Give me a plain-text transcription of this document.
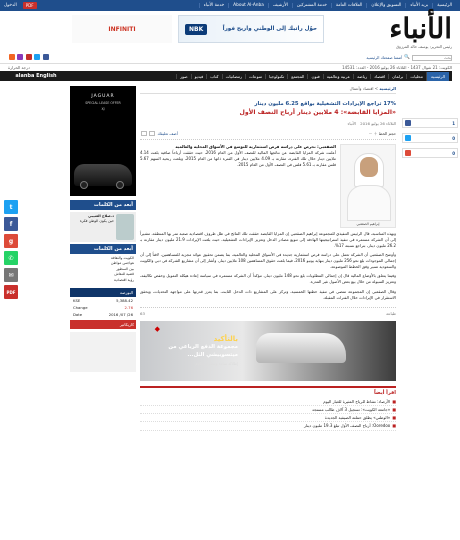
الرئيسية
بريد الأنباء
التسويق والإعلان
العلاقات العامة
خدمة المشتركين
الأرشيف
About Al-Anba
خدمة الأنباء
PDF
الدخول
الأنباء
رئيس التحرير: يوسف خالد المرزوق
حوّل راتبك إلى الوطني واربح فوراً
NBK
INFINITI
بحث
🔍
أضفنا صفحتك الرئيسية

الكويت: 21 شوال 1437 - الثلاثاء 26 يوليو 2016 - العدد: 14531
درجة الحرارة
الرئيسية
محليات
برلمان
اقتصاد
رياضة
عربية وعالمية
فنون
المجتمع
تكنولوجيا
منوعات
رمضانيات
كتاب
فيديو
صور
alanba English
JAGUAR
SPECIAL LEASE OFFER
XJ
أبعد من الكلمات
د.صلاح العتيبي
حين يكون الوطن فكرة
أبعد من الكلمات
الكويت والثقافة
هواجس مواطن
بين السطور
قضية للنقاش
رؤية اقتصادية
البورصة
KSE	5,388.42
Change	2.76
Date	2016 /07 /26
كاريكاتير
الرئيسية > اقتصاد وأعمال
17% تراجع الإيرادات التشغيلية بواقع 6.25 مليون دينار
«المزايا القابضة»: 4 ملايين دينار أرباح النصف الأول
الثلاثاء 26 يوليو 2016
الأنباء
حجم الخط ＋ －
أضف تعليقك
إبراهيم الصقعبي
الصقعبي: نحرص على دراسة فرص استثمارية للتوسع في الأسواق المحلية والعالمية
أعلنت شركة المزايا القابضة عن نتائجها المالية للنصف الأول من العام 2016، حيث حققت أرباحاً صافية بلغت 4.14 ملايين دينار خلال تلك الفترة، مقارنة بـ 4.09 ملايين دينار في الفترة ذاتها من العام 2015، وبلغت ربحية السهم 5.67 فلس مقارنة بـ 5.61 فلس في النصف الأول من العام 2015.
وبهذه المناسبة، قال الرئيس التنفيذي للمجموعة إبراهيم الصقعبي إن المزايا القابضة حققت تلك النتائج في ظل ظروف اقتصادية صعبة تمر بها المنطقة، مشيراً إلى أن الشركة مستمرة في تنفيذ استراتيجيتها الهادفة إلى تنويع مصادر الدخل وتعزيز الإيرادات التشغيلية، حيث بلغت الإيرادات 21.9 مليون دينار مقارنة بـ 26.2 مليون دينار، بتراجع نسبته 17%.
وأوضح الصقعبي أن الشركة تعمل على دراسة فرص استثمارية جديدة في الأسواق المحلية والعالمية، بما يضمن تحقيق عوائد مجزية للمساهمين، لافتاً إلى أن إجمالي الموجودات بلغ نحو 256 مليون دينار بنهاية يونيو 2016، فيما بلغت حقوق المساهمين 108 ملايين دينار، وأشار إلى أن مشاريع الشركة في دبي والكويت والسعودية تسير وفق الخطط الموضوعة.
وفيما يتعلق بالأوضاع المالية قال إن إجمالي المطلوبات بلغ نحو 148 مليون دينار، مؤكداً أن الشركة مستمرة في سياسة إعادة هيكلة التمويل وخفض تكاليفه، وتعزيز السيولة من خلال بيع بعض الأصول غير المدرة.
وقال الصقعبي إن المجموعة تمضي في تنفيذ خطتها الخمسية، وتركز على المشاريع ذات الدخل الثابت، بما يعزز قدرتها على مواجهة التحديات، ويحقق الاستقرار في الإيرادات خلال الفترات المقبلة.
طباعة
63
◆
بالتأكيد
مجموعة الدفع الرباعي من ميتسوبيشي الثل...
إطلالة سادة وسعر لا يقاوم
اقرأ أيضاً
■
الأرصاد: نشاط للرياح المثيرة للغبار اليوم
■
«جامعة الكويت»: تسجيل 3 آلاف طالب مستجد
■
«الوطني» يطلق حملته الصيفية الجديدة
■
Ooredoo: أرباح النصف الأول تبلغ 19.3 مليون دينار
1
0
0
t
f
g
✆
✉
PDF
